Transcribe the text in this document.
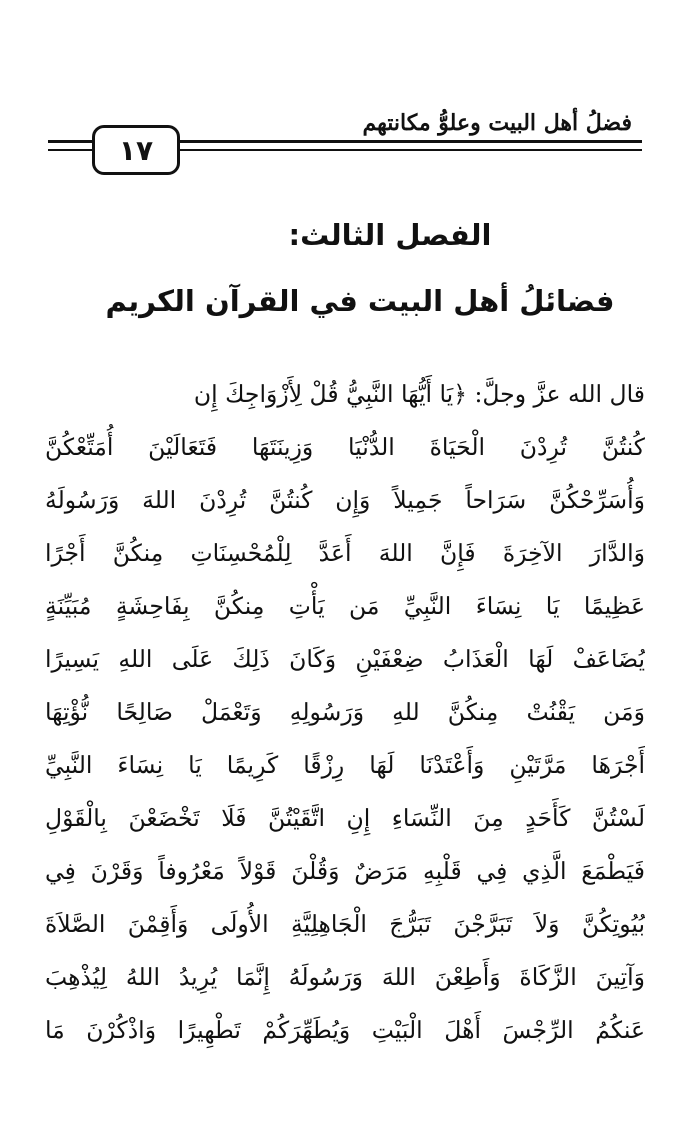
فضلُ أهل البيت وعلوُّ مكانتهم
١٧
الفصل الثالث:
فضائلُ أهل البيت في القرآن الكريم
قال الله عزَّ وجلَّ: ﴿يَا أَيُّهَا النَّبِيُّ قُلْ لِأَزْوَاجِكَ إِن
كُنتُنَّ تُرِدْنَ الْحَيَاةَ الدُّنْيَا وَزِينَتَهَا فَتَعَالَيْنَ أُمَتِّعْكُنَّ
وَأُسَرِّحْكُنَّ سَرَاحاً جَمِيلاً وَإِن كُنتُنَّ تُرِدْنَ اللهَ وَرَسُولَهُ
وَالدَّارَ الآخِرَةَ فَإِنَّ اللهَ أَعَدَّ لِلْمُحْسِنَاتِ مِنكُنَّ أَجْرًا
عَظِيمًا يَا نِسَاءَ النَّبِيِّ مَن يَأْتِ مِنكُنَّ بِفَاحِشَةٍ مُبَيِّنَةٍ
يُضَاعَفْ لَهَا الْعَذَابُ ضِعْفَيْنِ وَكَانَ ذَلِكَ عَلَى اللهِ يَسِيرًا
وَمَن يَقْنُتْ مِنكُنَّ للهِ وَرَسُولِهِ وَتَعْمَلْ صَالِحًا نُّؤْتِهَا
أَجْرَهَا مَرَّتَيْنِ وَأَعْتَدْنَا لَهَا رِزْقًا كَرِيمًا يَا نِسَاءَ النَّبِيِّ
لَسْتُنَّ كَأَحَدٍ مِنَ النِّسَاءِ إِنِ اتَّقَيْتُنَّ فَلَا تَخْضَعْنَ بِالْقَوْلِ
فَيَطْمَعَ الَّذِي فِي قَلْبِهِ مَرَضٌ وَقُلْنَ قَوْلاً مَعْرُوفاً وَقَرْنَ فِي
بُيُوتِكُنَّ وَلاَ تَبَرَّجْنَ تَبَرُّجَ الْجَاهِلِيَّةِ الأُولَى وَأَقِمْنَ الصَّلاَةَ
وَآتِينَ الزَّكَاةَ وَأَطِعْنَ اللهَ وَرَسُولَهُ إِنَّمَا يُرِيدُ اللهُ لِيُذْهِبَ
عَنكُمُ الرِّجْسَ أَهْلَ الْبَيْتِ وَيُطَهِّرَكُمْ تَطْهِيرًا وَاذْكُرْنَ مَا
